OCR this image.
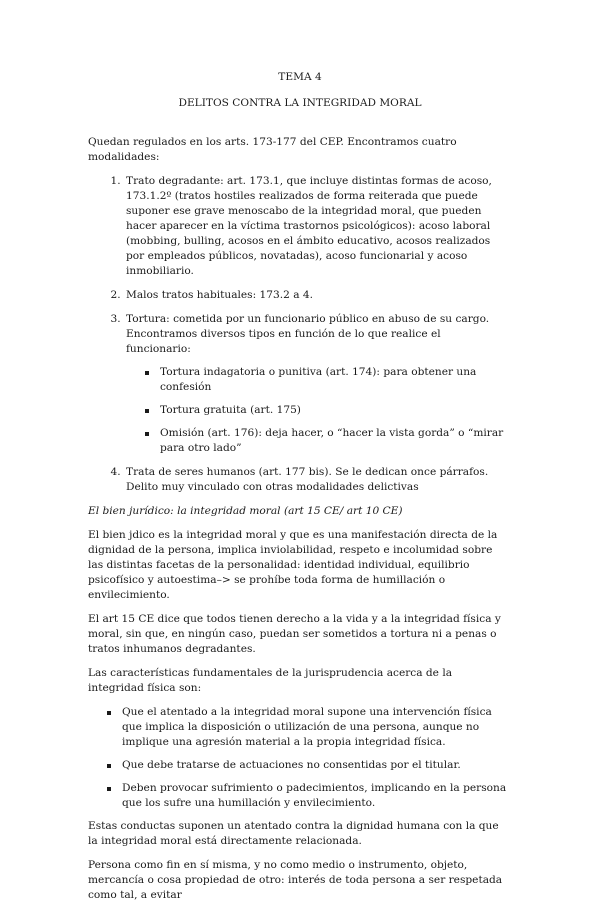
TEMA 4
DELITOS CONTRA LA INTEGRIDAD MORAL

Quedan regulados en los arts. 173-177 del CEP. Encontramos cuatro modalidades:

1. Trato degradante: art. 173.1, que incluye distintas formas de acoso, 173.1.2º (tratos hostiles realizados de forma reiterada que puede suponer ese grave menoscabo de la integridad moral, que pueden hacer aparecer en la víctima trastornos psicológicos): acoso laboral (mobbing, bulling, acosos en el ámbito educativo, acosos realizados por empleados públicos, novatadas), acoso funcionarial y acoso inmobiliario.
2. Malos tratos habituales: 173.2 a 4.
3. Tortura: cometida por un funcionario público en abuso de su cargo. Encontramos diversos tipos en función de lo que realice el funcionario:
Tortura indagatoria o punitiva (art. 174): para obtener una confesión
Tortura gratuita (art. 175)
Omisión (art. 176): deja hacer, o “hacer la vista gorda” o “mirar para otro lado”
4. Trata de seres humanos (art. 177 bis). Se le dedican once párrafos. Delito muy vinculado con otras modalidades delictivas
El bien jurídico: la integridad moral (art 15 CE/ art 10 CE)

El bien jdico es la integridad moral y que es una manifestación directa de la dignidad de la persona, implica inviolabilidad, respeto e incolumidad sobre las distintas facetas de la personalidad: identidad individual, equilibrio psicofísico y autoestima–> se prohíbe toda forma de humillación o envilecimiento.

El art 15 CE dice que todos tienen derecho a la vida y a la integridad física y moral, sin que, en ningún caso, puedan ser sometidos a tortura ni a penas o tratos inhumanos degradantes.

Las características fundamentales de la jurisprudencia acerca de la integridad física son:

Que el atentado a la integridad moral supone una intervención física que implica la disposición o utilización de una persona, aunque no implique una agresión material a la propia integridad física.
Que debe tratarse de actuaciones no consentidas por el titular.
Deben provocar sufrimiento o padecimientos, implicando en la persona que los sufre una humillación y envilecimiento.

Estas conductas suponen un atentado contra la dignidad humana con la que la integridad moral está directamente relacionada.

Persona como fin en sí misma, y no como medio o instrumento, objeto, mercancía o cosa propiedad de otro: interés de toda persona a ser respetada como tal, a evitar
